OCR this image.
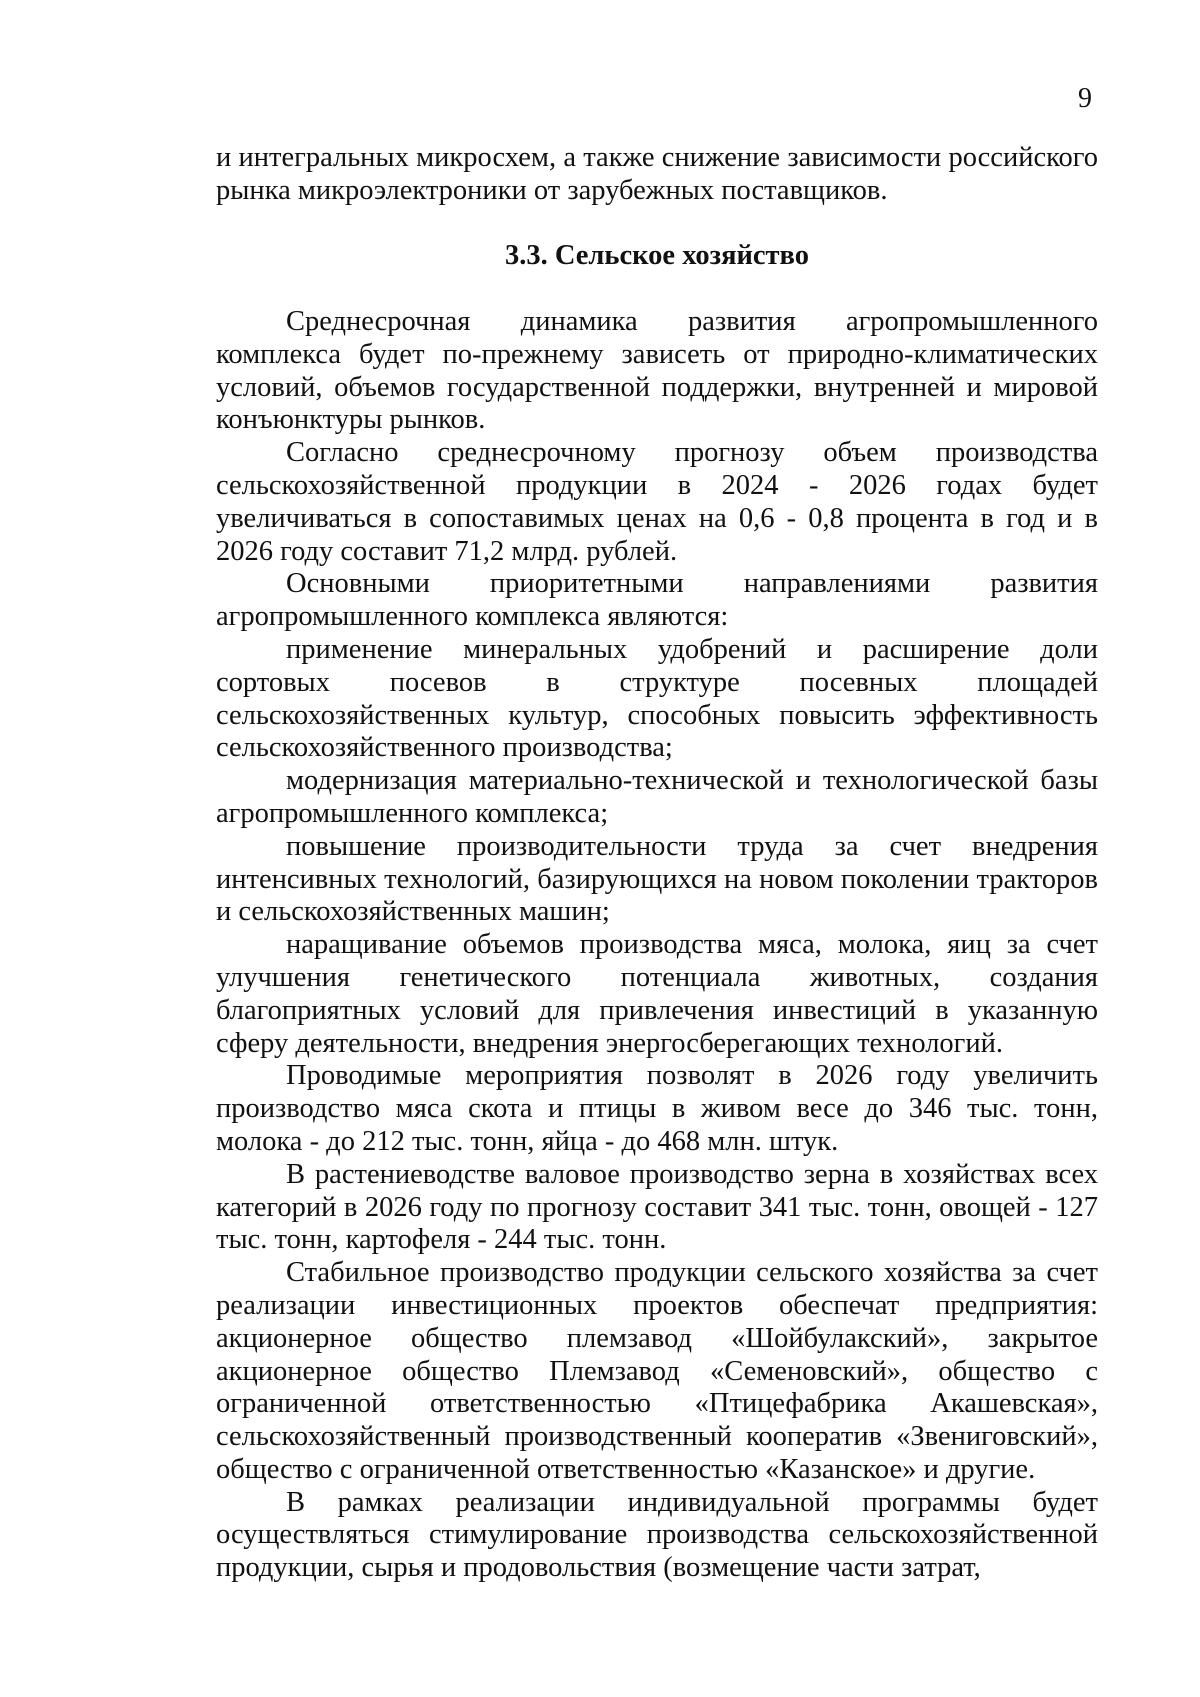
9

и интегральных микросхем, а также снижение зависимости российского рынка микроэлектроники от зарубежных поставщиков.

3.3. Сельское хозяйство

Среднесрочная динамика развития агропромышленного комплекса будет по-прежнему зависеть от природно-климатических условий, объемов государственной поддержки, внутренней и мировой конъюнктуры рынков.

Согласно среднесрочному прогнозу объем производства сельскохозяйственной продукции в 2024 - 2026 годах будет увеличиваться в сопоставимых ценах на 0,6 - 0,8 процента в год и в 2026 году составит 71,2 млрд. рублей.

Основными приоритетными направлениями развития агропромышленного комплекса являются:

применение минеральных удобрений и расширение доли сортовых посевов в структуре посевных площадей сельскохозяйственных культур, способных повысить эффективность сельскохозяйственного производства;

модернизация материально-технической и технологической базы агропромышленного комплекса;

повышение производительности труда за счет внедрения интенсивных технологий, базирующихся на новом поколении тракторов и сельскохозяйственных машин;

наращивание объемов производства мяса, молока, яиц за счет улучшения генетического потенциала животных, создания благоприятных условий для привлечения инвестиций в указанную сферу деятельности, внедрения энергосберегающих технологий.

Проводимые мероприятия позволят в 2026 году увеличить производство мяса скота и птицы в живом весе до 346 тыс. тонн, молока - до 212 тыс. тонн, яйца - до 468 млн. штук.

В растениеводстве валовое производство зерна в хозяйствах всех категорий в 2026 году по прогнозу составит 341 тыс. тонн, овощей - 127 тыс. тонн, картофеля - 244 тыс. тонн.

Стабильное производство продукции сельского хозяйства за счет реализации инвестиционных проектов обеспечат предприятия: акционерное общество племзавод «Шойбулакский», закрытое акционерное общество Племзавод «Семеновский», общество с ограниченной ответственностью «Птицефабрика Акашевская», сельскохозяйственный производственный кооператив «Звениговский», общество с ограниченной ответственностью «Казанское» и другие.

В рамках реализации индивидуальной программы будет осуществляться стимулирование производства сельскохозяйственной продукции, сырья и продовольствия (возмещение части затрат,
